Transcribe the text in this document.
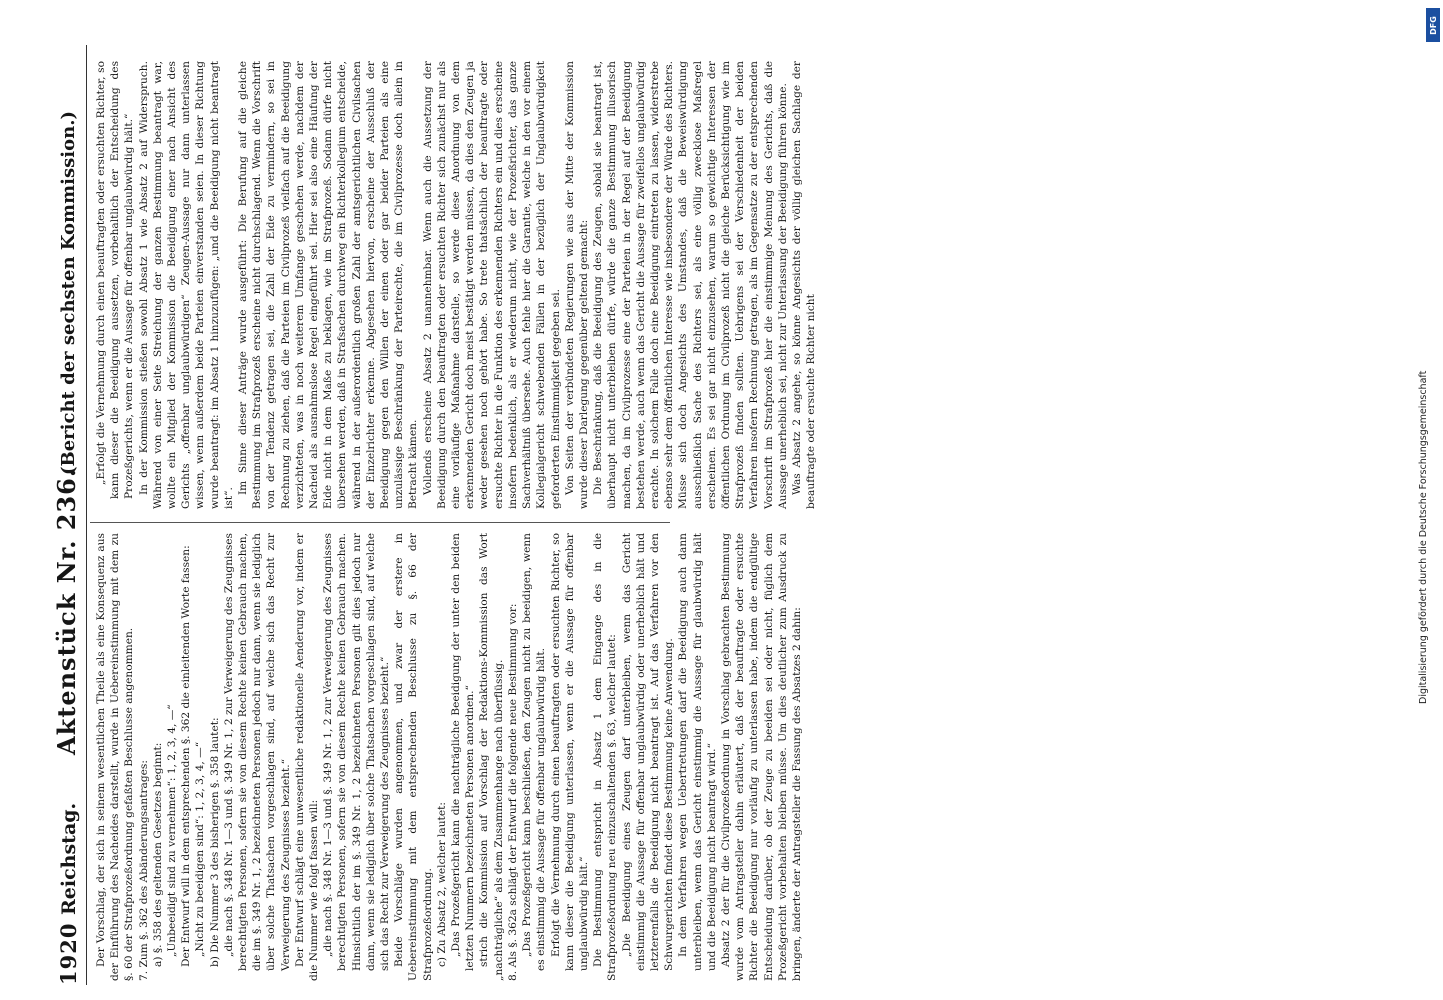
1920
Reichstag.
Aktenstück Nr. 236.
(Bericht der sechsten Kommission.)

Der Vorschlag, der sich in seinem wesentlichen Theile als eine Konsequenz aus der Einführung des Nacheides darstellt, wurde in Uebereinstimmung mit dem zu §. 60 der Strafprozeßordnung gefaßten Beschlusse angenommen. 7. Zum §. 362 des Abänderungsantrages: a) §. 358 des geltenden Gesetzes beginnt: „Unbeeidigt sind zu vernehmen“: 1, 2, 3, 4, —“ Der Entwurf will in dem entsprechenden §. 362 die einleitenden Worte fassen: „Nicht zu beeidigen sind“: 1, 2, 3, 4, —“ b) Die Nummer 3 des bisherigen §. 358 lautet: „die nach §. 348 Nr. 1—3 und §. 349 Nr. 1, 2 zur Verweigerung des Zeugnisses berechtigten Personen, sofern sie von diesem Rechte keinen Gebrauch machen, die im §. 349 Nr. 1, 2 bezeichneten Personen jedoch nur dann, wenn sie lediglich über solche Thatsachen vorgeschlagen sind, auf welche sich das Recht zur Verweigerung des Zeugnisses bezieht.“ Der Entwurf schlägt eine unwesentliche redaktionelle Aenderung vor, indem er die Nummer wie folgt fassen will: „die nach §. 348 Nr. 1—3 und §. 349 Nr. 1, 2 zur Verweigerung des Zeugnisses berechtigten Personen, sofern sie von diesem Rechte keinen Gebrauch machen. Hinsichtlich der im §. 349 Nr. 1, 2 bezeichneten Personen gilt dies jedoch nur dann, wenn sie lediglich über solche Thatsachen vorgeschlagen sind, auf welche sich das Recht zur Verweigerung des Zeugnisses bezieht.“ Beide Vorschläge wurden angenommen, und zwar der erstere in Uebereinstimmung mit dem entsprechenden Beschlusse zu §. 66 der Strafprozeßordnung. c) Zu Absatz 2, welcher lautet: „Das Prozeßgericht kann die nachträgliche Beeidigung der unter den beiden letzten Nummern bezeichneten Personen anordnen.“ strich die Kommission auf Vorschlag der Redaktions-Kommission das Wort „nachträgliche“ als dem Zusammenhange nach überflüssig. 8. Als §. 362a schlägt der Entwurf die folgende neue Bestimmung vor: „Das Prozeßgericht kann beschließen, den Zeugen nicht zu beeidigen, wenn es einstimmig die Aussage für offenbar unglaubwürdig hält. Erfolgt die Vernehmung durch einen beauftragten oder ersuchten Richter, so kann dieser die Beeidigung unterlassen, wenn er die Aussage für offenbar unglaubwürdig hält.“ Die Bestimmung entspricht in Absatz 1 dem Eingange des in die Strafprozeßordnung neu einzuschaltenden §. 63, welcher lautet: „Die Beeidigung eines Zeugen darf unterbleiben, wenn das Gericht einstimmig die Aussage für offenbar unglaubwürdig oder unerheblich hält und letzterenfalls die Beeidigung nicht beantragt ist. Auf das Verfahren vor den Schwurgerichten findet diese Bestimmung keine Anwendung. In dem Verfahren wegen Uebertretungen darf die Beeidigung auch dann unterbleiben, wenn das Gericht einstimmig die Aussage für glaubwürdig hält und die Beeidigung nicht beantragt wird.“ Absatz 2 der für die Civilprozeßordnung in Vorschlag gebrachten Bestimmung wurde vom Antragsteller dahin erläutert, daß der beauftragte oder ersuchte Richter die Beeidigung nur vorläufig zu unterlassen habe, indem die endgültige Entscheidung darüber, ob der Zeuge zu beeiden sei oder nicht, füglich dem Prozeßgericht vorbehalten bleiben müsse. Um dies deutlicher zum Ausdruck zu bringen, änderte der Antragsteller die Fassung des Absatzes 2 dahin:

„Erfolgt die Vernehmung durch einen beauftragten oder ersuchten Richter, so kann dieser die Beeidigung aussetzen, vorbehaltlich der Entscheidung des Prozeßgerichts, wenn er die Aussage für offenbar unglaubwürdig hält.“ In der Kommission stießen sowohl Absatz 1 wie Absatz 2 auf Widerspruch. Während von einer Seite Streichung der ganzen Bestimmung beantragt war, wollte ein Mitglied der Kommission die Beeidigung einer nach Ansicht des Gerichts „offenbar unglaubwürdigen“ Zeugen-Aussage nur dann unterlassen wissen, wenn außerdem beide Parteien einverstanden seien. In dieser Richtung wurde beantragt: im Absatz 1 hinzuzufügen: „und die Beeidigung nicht beantragt ist“.

Im Sinne dieser Anträge wurde ausgeführt: Die Berufung auf die gleiche Bestimmung im Strafprozeß erscheine nicht durchschlagend. Wenn die Vorschrift von der Tendenz getragen sei, die Zahl der Eide zu vermindern, so sei in Rechnung zu ziehen, daß die Parteien im Civilprozeß vielfach auf die Beeidigung verzichteten, was in noch weiterem Umfange geschehen werde, nachdem der Nacheid als ausnahmslose Regel eingeführt sei. Hier sei also eine Häufung der Eide nicht in dem Maße zu beklagen, wie im Strafprozeß. Sodann dürfe nicht übersehen werden, daß in Strafsachen durchweg ein Richterkollegium entscheide, während in der außerordentlich großen Zahl der amtsgerichtlichen Civilsachen der Einzelrichter erkenne. Abgesehen hiervon, erscheine der Ausschluß der Beeidigung gegen den Willen der einen oder gar beider Parteien als eine unzulässige Beschränkung der Parteirechte, die im Civilprozesse doch allein in Betracht kämen. Vollends erscheine Absatz 2 unannehmbar. Wenn auch die Aussetzung der Beeidigung durch den beauftragten oder ersuchten Richter sich zunächst nur als eine vorläufige Maßnahme darstelle, so werde diese Anordnung von dem erkennenden Gericht doch meist bestätigt werden müssen, da dies den Zeugen ja weder gesehen noch gehört habe. So trete thatsächlich der beauftragte oder ersuchte Richter in die Funktion des erkennenden Richters ein und dies erscheine insofern bedenklich, als er wiederum nicht, wie der Prozeßrichter, das ganze Sachverhältniß übersehe. Auch fehle hier die Garantie, welche in den vor einem Kollegialgericht schwebenden Fällen in der bezüglich der Unglaubwürdigkeit geforderten Einstimmigkeit gegeben sei. Von Seiten der verbündeten Regierungen wie aus der Mitte der Kommission wurde dieser Darlegung gegenüber geltend gemacht: Die Beschränkung, daß die Beeidigung des Zeugen, sobald sie beantragt ist, überhaupt nicht unterbleiben dürfe, würde die ganze Bestimmung illusorisch machen, da im Civilprozesse eine der Parteien in der Regel auf der Beeidigung bestehen werde, auch wenn das Gericht die Aussage für zweifellos unglaubwürdig erachte. In solchem Falle doch eine Beeidigung eintreten zu lassen, widerstrebe ebenso sehr dem öffentlichen Interesse wie insbesondere der Würde des Richters. Müsse sich doch Angesichts des Umstandes, daß die Beweiswürdigung ausschließlich Sache des Richters sei, als eine völlig zwecklose Maßregel erscheinen. Es sei gar nicht einzusehen, warum so gewichtige Interessen der öffentlichen Ordnung im Civilprozeß nicht die gleiche Berücksichtigung wie im Strafprozeß finden sollten. Uebrigens sei der Verschiedenheit der beiden Verfahren insofern Rechnung getragen, als im Gegensatze zu der entsprechenden Vorschrift im Strafprozeß hier die einstimmige Meinung des Gerichts, daß die Aussage unerheblich sei, nicht zur Unterlassung der Beeidigung führen könne. Was Absatz 2 angehe, so könne Angesichts der völlig gleichen Sachlage der beauftragte oder ersuchte Richter nicht

DFG
Digitalisierung gefördert durch die Deutsche Forschungsgemeinschaft
